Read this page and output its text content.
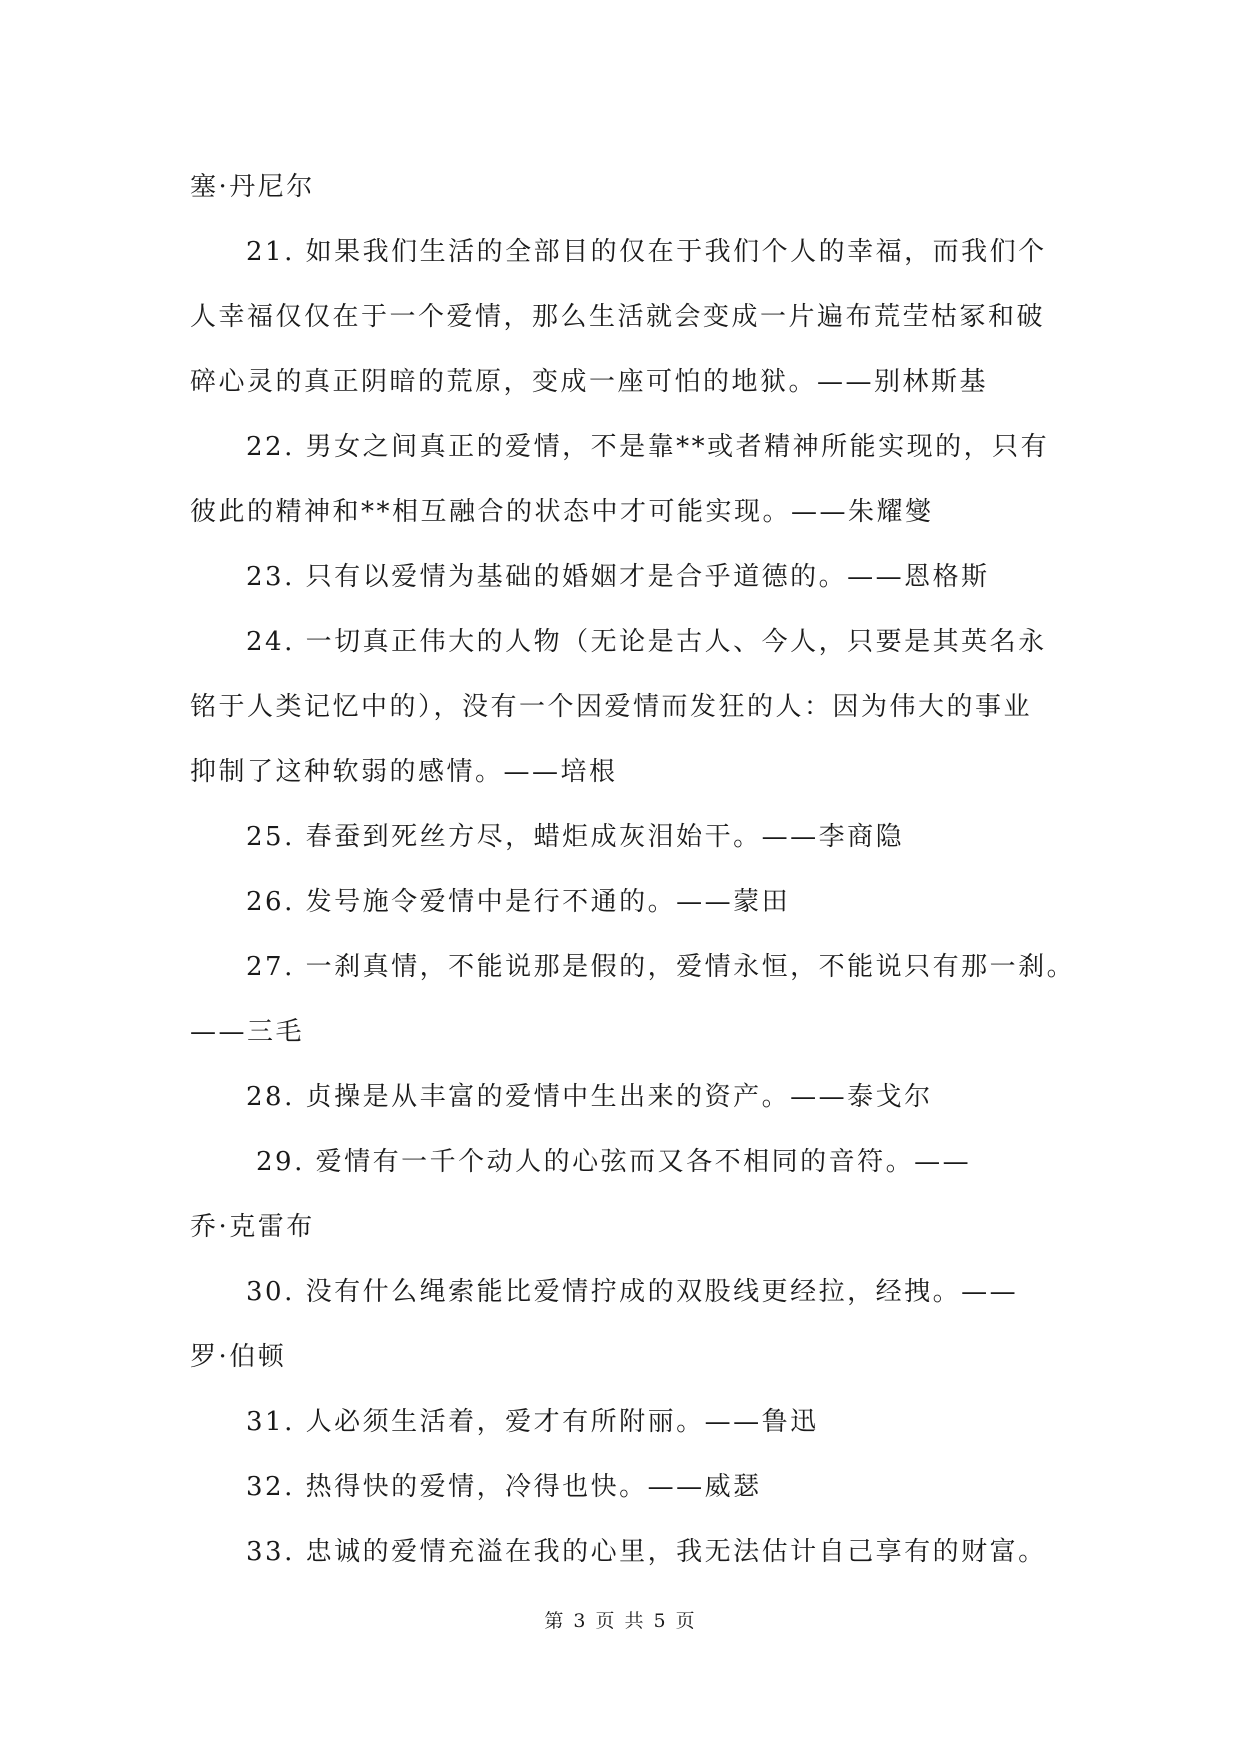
塞·丹尼尔

21. 如果我们生活的全部目的仅在于我们个人的幸福，而我们个
人幸福仅仅在于一个爱情，那么生活就会变成一片遍布荒茔枯冢和破
碎心灵的真正阴暗的荒原，变成一座可怕的地狱。——别林斯基

22. 男女之间真正的爱情，不是靠**或者精神所能实现的，只有
彼此的精神和**相互融合的状态中才可能实现。——朱耀燮

23. 只有以爱情为基础的婚姻才是合乎道德的。——恩格斯

24. 一切真正伟大的人物（无论是古人、今人，只要是其英名永
铭于人类记忆中的），没有一个因爱情而发狂的人：因为伟大的事业
抑制了这种软弱的感情。——培根

25. 春蚕到死丝方尽，蜡炬成灰泪始干。——李商隐

26. 发号施令爱情中是行不通的。——蒙田

27. 一刹真情，不能说那是假的，爱情永恒，不能说只有那一刹。
——三毛

28. 贞操是从丰富的爱情中生出来的资产。——泰戈尔

29. 爱情有一千个动人的心弦而又各不相同的音符。——
乔·克雷布

30. 没有什么绳索能比爱情拧成的双股线更经拉，经拽。——
罗·伯顿

31. 人必须生活着，爱才有所附丽。——鲁迅

32. 热得快的爱情，冷得也快。——威瑟

33. 忠诚的爱情充溢在我的心里，我无法估计自己享有的财富。

第 3 页 共 5 页
